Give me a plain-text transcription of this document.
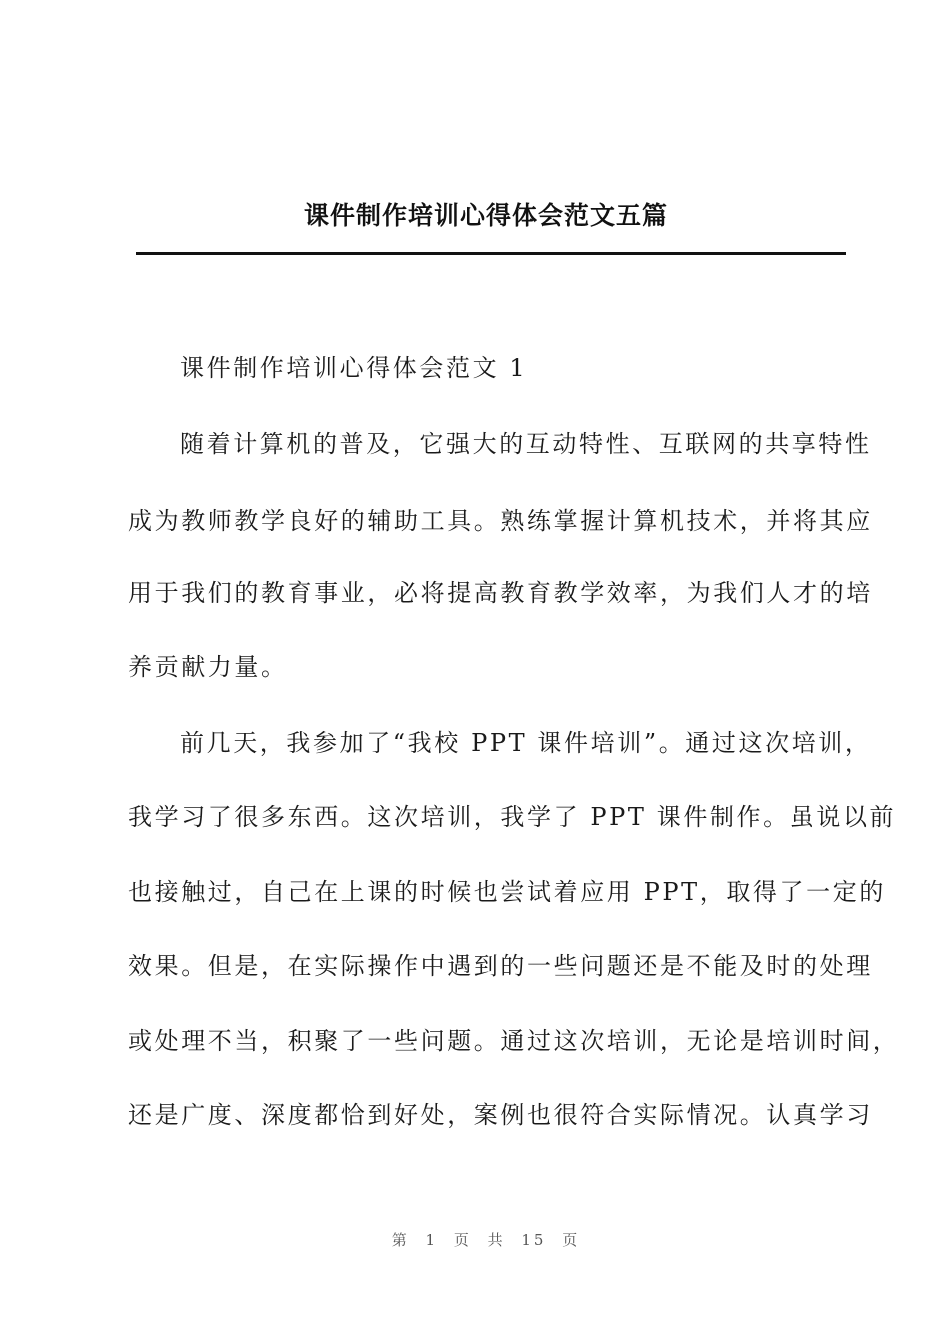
课件制作培训心得体会范文五篇
课件制作培训心得体会范文 1
随着计算机的普及，它强大的互动特性、互联网的共享特性
成为教师教学良好的辅助工具。熟练掌握计算机技术，并将其应
用于我们的教育事业，必将提高教育教学效率，为我们人才的培
养贡献力量。
前几天，我参加了“我校 PPT 课件培训”。通过这次培训，
我学习了很多东西。这次培训，我学了 PPT 课件制作。虽说以前
也接触过，自己在上课的时候也尝试着应用 PPT，取得了一定的
效果。但是，在实际操作中遇到的一些问题还是不能及时的处理
或处理不当，积聚了一些问题。通过这次培训，无论是培训时间，
还是广度、深度都恰到好处，案例也很符合实际情况。认真学习
第 1 页 共 15 页
